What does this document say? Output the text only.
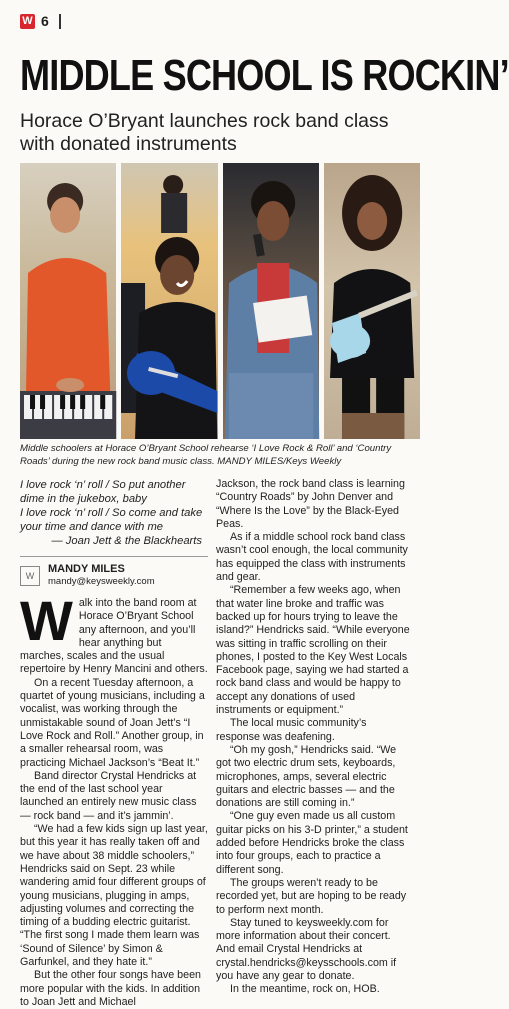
W 6
MIDDLE SCHOOL IS ROCKIN’
Horace O’Bryant launches rock band class with donated instruments

Middle schoolers at Horace O’Bryant School rehearse ‘I Love Rock & Roll’ and ‘Country Roads’ during the new rock band music class. MANDY MILES/Keys Weekly

I love rock ‘n’ roll / So put another dime in the jukebox, baby

I love rock ‘n’ roll / So come and take your time and dance with me

— Joan Jett & the Blackhearts

W
MANDY MILES
mandy@keysweekly.com

Walk into the band room at Horace O’Bryant School any afternoon, and you’ll hear anything but marches, scales and the usual repertoire by Henry Mancini and others.

On a recent Tuesday afternoon, a quartet of young musicians, including a vocalist, was working through the unmistakable sound of Joan Jett’s “I Love Rock and Roll.” Another group, in a smaller rehearsal room, was practicing Michael Jackson’s “Beat It.”

Band director Crystal Hendricks at the end of the last school year launched an entirely new music class — rock band — and it’s jammin’.

“We had a few kids sign up last year, but this year it has really taken off and we have about 38 middle schoolers,” Hendricks said on Sept. 23 while wandering amid four different groups of young musicians, plugging in amps, adjusting volumes and correcting the timing of a budding electric guitarist. “The first song I made them learn was ‘Sound of Silence’ by Simon & Garfunkel, and they hate it.”

But the other four songs have been more popular with the kids. In addition to Joan Jett and Michael

Jackson, the rock band class is learning “Country Roads” by John Denver and “Where Is the Love” by the Black-Eyed Peas.

As if a middle school rock band class wasn’t cool enough, the local community has equipped the class with instruments and gear.

“Remember a few weeks ago, when that water line broke and traffic was backed up for hours trying to leave the island?” Hendricks said. “While everyone was sitting in traffic scrolling on their phones, I posted to the Key West Locals Facebook page, saying we had started a rock band class and would be happy to accept any donations of used instruments or equipment.”

The local music community’s response was deafening.

“Oh my gosh,” Hendricks said. “We got two electric drum sets, keyboards, microphones, amps, several electric guitars and electric basses — and the donations are still coming in.”

“One guy even made us all custom guitar picks on his 3-D printer,” a student added before Hendricks broke the class into four groups, each to practice a different song.

The groups weren’t ready to be recorded yet, but are hoping to be ready to perform next month.

Stay tuned to keysweekly.com for more information about their concert. And email Crystal Hendricks at crystal.hendricks@keysschools.com if you have any gear to donate.

In the meantime, rock on, HOB.
